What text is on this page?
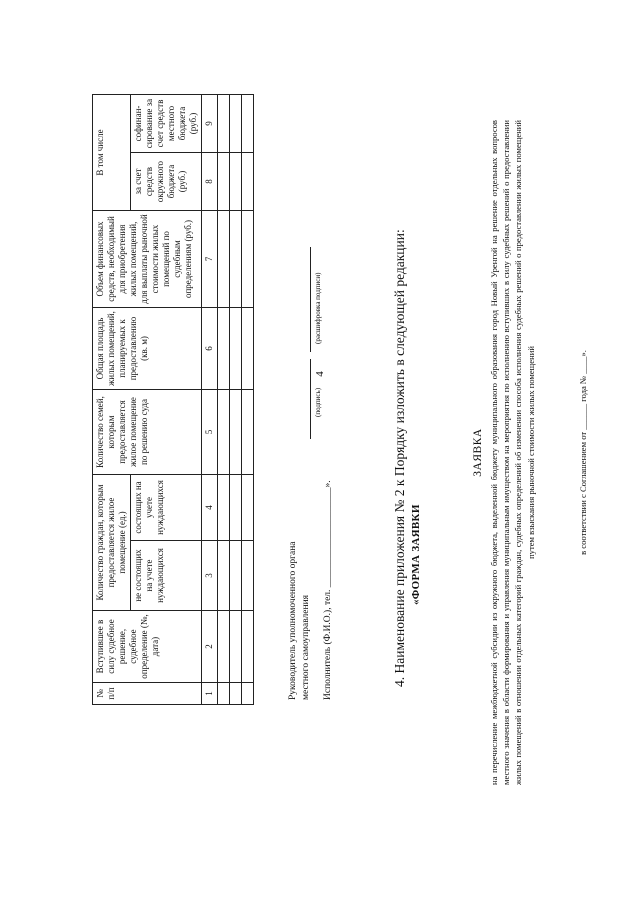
4
№ п/п	Вступившее в силу судебное решение, судебное определение (№, дата)	Количество граждан, которым предоставляется жилое помещение (ед.)		Количество семей, которым предоставляется жилое помещение по решению суда	Общая площадь жилых помещений, планируемых к предоставлению (кв. м)	Объем финансовых средств, необходимый для приобретения жилых помещений, для выплаты рыночной стоимости жилых помещений по судебным определениям (руб.)	В том числе	
		не состоящих на учете нуждающихся	состоящих на учете нуждающихся				за счет средств окружного бюджета (руб.)	софинан-сирование за счет средств местного бюджета (руб.)
1	2	3	4	5	6	7	8	9

Руководитель уполномоченного органа местного самоуправления
(подпись)
(расшифровка подписи)
Исполнитель (Ф.И.О.), тел. _____________________».	4. Наименование приложения № 2 к Порядку изложить в следующей редакции: «ФОРМА ЗАЯВКИ
ЗАЯВКА на перечисление межбюджетной субсидии из окружного бюджета, выделенной бюджету муниципального образования город Новый Уренгой на решение отдельных вопросов местного значения в области формирования и управления муниципальным имуществом на мероприятия по исполнению вступивших в силу судебных решений о предоставлении жилых помещений в отношении отдельных категорий граждан, судебных определений об изменении способа исполнения судебных решений о предоставлении жилых помещений путем взыскания рыночной стоимости жилых помещений	в соответствии с Соглашением от ______ года № ____».
